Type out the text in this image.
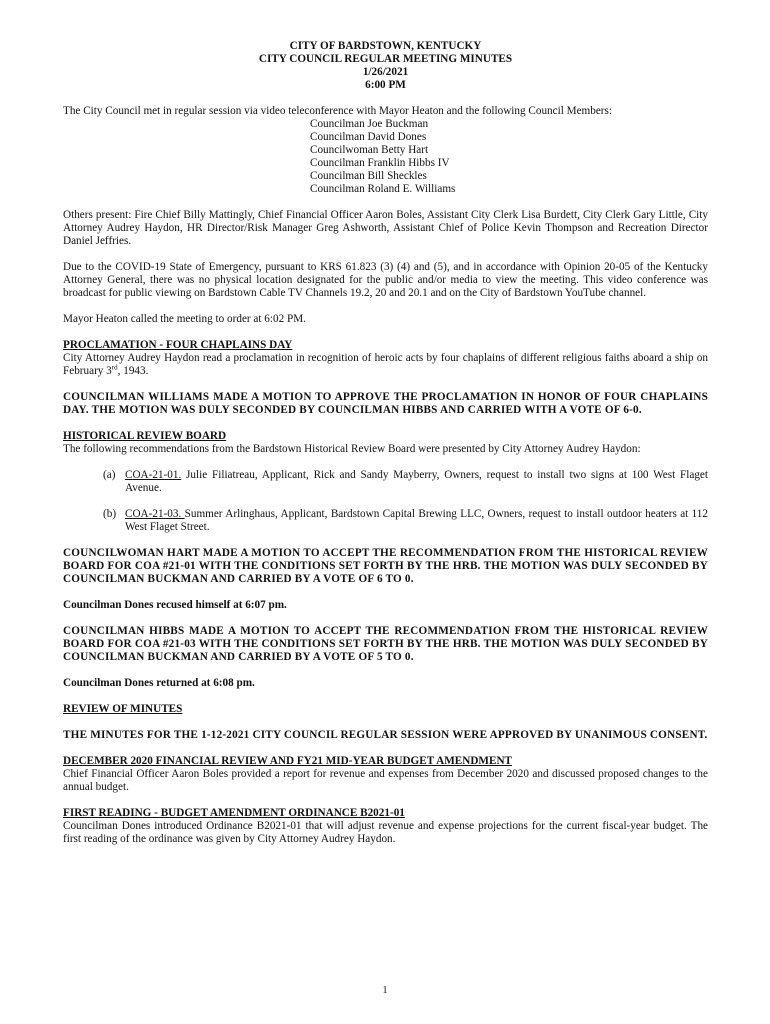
CITY OF BARDSTOWN, KENTUCKY
CITY COUNCIL REGULAR MEETING MINUTES
1/26/2021
6:00 PM

The City Council met in regular session via video teleconference with Mayor Heaton and the following Council Members:

Councilman Joe Buckman
Councilman David Dones
Councilwoman Betty Hart
Councilman Franklin Hibbs IV
Councilman Bill Sheckles
Councilman Roland E. Williams

Others present: Fire Chief Billy Mattingly, Chief Financial Officer Aaron Boles, Assistant City Clerk Lisa Burdett, City Clerk Gary Little, City Attorney Audrey Haydon, HR Director/Risk Manager Greg Ashworth, Assistant Chief of Police Kevin Thompson and Recreation Director Daniel Jeffries.

Due to the COVID-19 State of Emergency, pursuant to KRS 61.823 (3) (4) and (5), and in accordance with Opinion 20-05 of the Kentucky Attorney General, there was no physical location designated for the public and/or media to view the meeting. This video conference was broadcast for public viewing on Bardstown Cable TV Channels 19.2, 20 and 20.1 and on the City of Bardstown YouTube channel.

Mayor Heaton called the meeting to order at 6:02 PM.

PROCLAMATION - FOUR CHAPLAINS DAY

City Attorney Audrey Haydon read a proclamation in recognition of heroic acts by four chaplains of different religious faiths aboard a ship on February 3rd, 1943.

COUNCILMAN WILLIAMS MADE A MOTION TO APPROVE THE PROCLAMATION IN HONOR OF FOUR CHAPLAINS DAY. THE MOTION WAS DULY SECONDED BY COUNCILMAN HIBBS AND CARRIED WITH A VOTE OF 6-0.

HISTORICAL REVIEW BOARD

The following recommendations from the Bardstown Historical Review Board were presented by City Attorney Audrey Haydon:

(a) COA-21-01. Julie Filiatreau, Applicant, Rick and Sandy Mayberry, Owners, request to install two signs at 100 West Flaget Avenue.
(b) COA-21-03. Summer Arlinghaus, Applicant, Bardstown Capital Brewing LLC, Owners, request to install outdoor heaters at 112 West Flaget Street.

COUNCILWOMAN HART MADE A MOTION TO ACCEPT THE RECOMMENDATION FROM THE HISTORICAL REVIEW BOARD FOR COA #21-01 WITH THE CONDITIONS SET FORTH BY THE HRB. THE MOTION WAS DULY SECONDED BY COUNCILMAN BUCKMAN AND CARRIED BY A VOTE OF 6 TO 0.

Councilman Dones recused himself at 6:07 pm.

COUNCILMAN HIBBS MADE A MOTION TO ACCEPT THE RECOMMENDATION FROM THE HISTORICAL REVIEW BOARD FOR COA #21-03 WITH THE CONDITIONS SET FORTH BY THE HRB. THE MOTION WAS DULY SECONDED BY COUNCILMAN BUCKMAN AND CARRIED BY A VOTE OF 5 TO 0.

Councilman Dones returned at 6:08 pm.

REVIEW OF MINUTES

THE MINUTES FOR THE 1-12-2021 CITY COUNCIL REGULAR SESSION WERE APPROVED BY UNANIMOUS CONSENT.

DECEMBER 2020 FINANCIAL REVIEW AND FY21 MID-YEAR BUDGET AMENDMENT

Chief Financial Officer Aaron Boles provided a report for revenue and expenses from December 2020 and discussed proposed changes to the annual budget.

FIRST READING - BUDGET AMENDMENT ORDINANCE B2021-01

Councilman Dones introduced Ordinance B2021-01 that will adjust revenue and expense projections for the current fiscal-year budget. The first reading of the ordinance was given by City Attorney Audrey Haydon.

1
